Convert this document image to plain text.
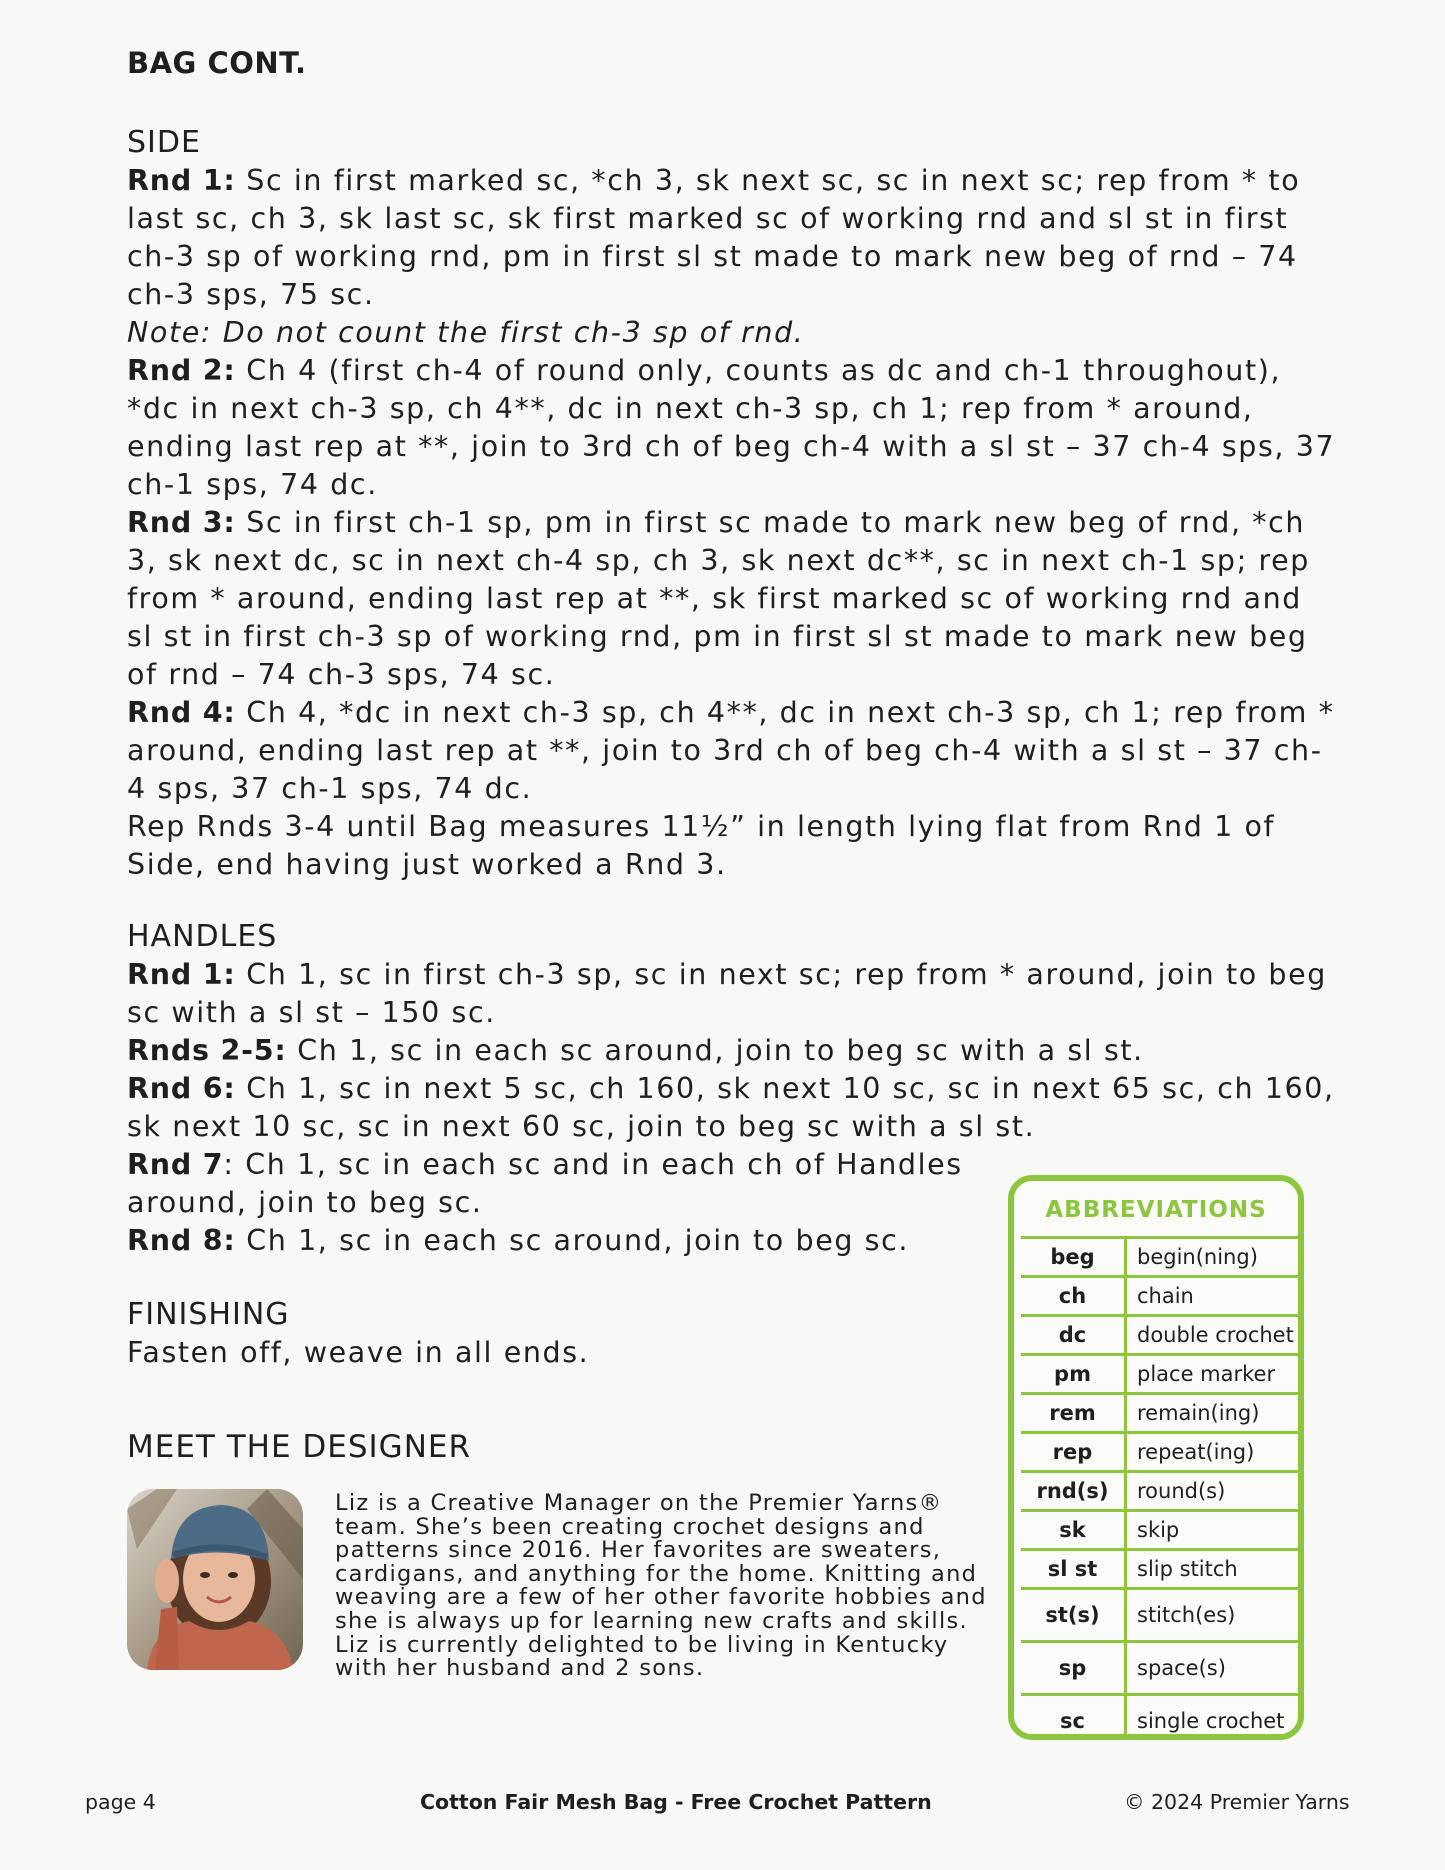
BAG CONT.
SIDE

Rnd 1: Sc in first marked sc, *ch 3, sk next sc, sc in next sc; rep from * to last sc, ch 3, sk last sc, sk first marked sc of working rnd and sl st in first ch-3 sp of working rnd, pm in first sl st made to mark new beg of rnd – 74 ch-3 sps, 75 sc.

Note: Do not count the first ch-3 sp of rnd.

Rnd 2: Ch 4 (first ch-4 of round only, counts as dc and ch-1 throughout), *dc in next ch-3 sp, ch 4**, dc in next ch-3 sp, ch 1; rep from * around, ending last rep at **, join to 3rd ch of beg ch-4 with a sl st – 37 ch-4 sps, 37 ch-1 sps, 74 dc.

Rnd 3: Sc in first ch-1 sp, pm in first sc made to mark new beg of rnd, *ch 3, sk next dc, sc in next ch-4 sp, ch 3, sk next dc**, sc in next ch-1 sp; rep from * around, ending last rep at **, sk first marked sc of working rnd and sl st in first ch-3 sp of working rnd, pm in first sl st made to mark new beg of rnd – 74 ch-3 sps, 74 sc.

Rnd 4: Ch 4, *dc in next ch-3 sp, ch 4**, dc in next ch-3 sp, ch 1; rep from * around, ending last rep at **, join to 3rd ch of beg ch-4 with a sl st – 37 ch-4 sps, 37 ch-1 sps, 74 dc.

Rep Rnds 3-4 until Bag measures 11½” in length lying flat from Rnd 1 of Side, end having just worked a Rnd 3.

HANDLES

Rnd 1: Ch 1, sc in first ch-3 sp, sc in next sc; rep from * around, join to beg sc with a sl st – 150 sc.

Rnds 2-5: Ch 1, sc in each sc around, join to beg sc with a sl st.

Rnd 6: Ch 1, sc in next 5 sc, ch 160, sk next 10 sc, sc in next 65 sc, ch 160, sk next 10 sc, sc in next 60 sc, join to beg sc with a sl st.

Rnd 7: Ch 1, sc in each sc and in each ch of Handles
around, join to beg sc.

Rnd 8: Ch 1, sc in each sc around, join to beg sc.

FINISHING
Fasten off, weave in all ends.
MEET THE DESIGNER

Liz is a Creative Manager on the Premier Yarns® team. She’s been creating crochet designs and patterns since 2016. Her favorites are sweaters, cardigans, and anything for the home. Knitting and weaving are a few of her other favorite hobbies and she is always up for learning new crafts and skills. Liz is currently delighted to be living in Kentucky with her husband and 2 sons.

ABBREVIATIONS
beg	begin(ning)
ch	chain
dc	double crochet
pm	place marker
rem	remain(ing)
rep	repeat(ing)
rnd(s)	round(s)
sk	skip
sl st	slip stitch
st(s)	stitch(es)
sp	space(s)
sc	single crochet
page 4	Cotton Fair Mesh Bag - Free Crochet Pattern	© 2024 Premier Yarns
